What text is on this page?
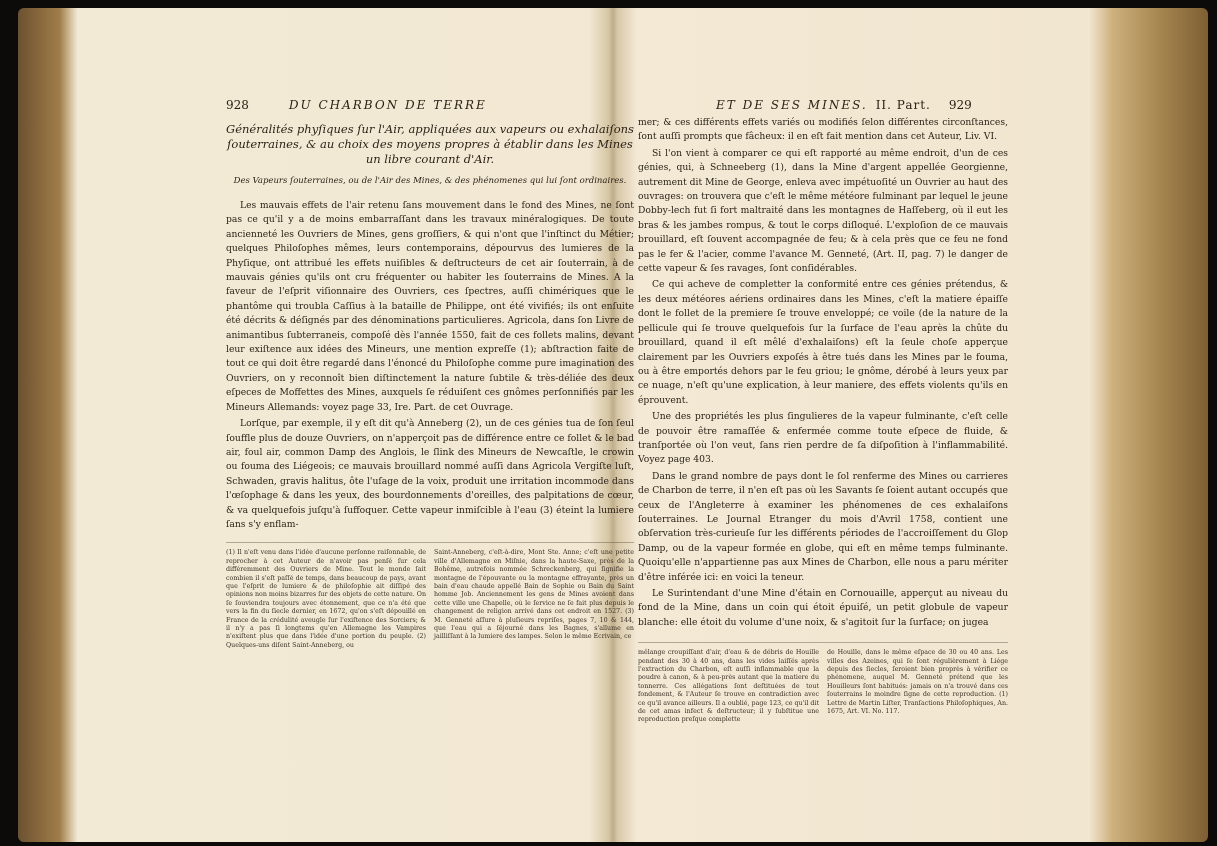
928	DU CHARBON DE TERRE
Généralités phyſiques ſur l'Air, appliquées aux vapeurs ou exhalaiſons ſouterraines, & au choix des moyens propres à établir dans les Mines un libre courant d'Air.
Des Vapeurs ſouterraines, ou de l'Air des Mines, & des phénomenes qui lui ſont ordinaires.

Les mauvais effets de l'air retenu ſans mouvement dans le fond des Mines, ne ſont pas ce qu'il y a de moins embarraſſant dans les travaux minéralogiques. De toute ancienneté les Ouvriers de Mines, gens groſſiers, & qui n'ont que l'inſtinct du Métier; quelques Philoſophes mêmes, leurs contemporains, dépourvus des lumieres de la Phyſique, ont attribué les effets nuiſibles & deſtructeurs de cet air ſouterrain, à de mauvais génies qu'ils ont cru fréquenter ou habiter les ſouterrains de Mines. A la faveur de l'eſprit viſionnaire des Ouvriers, ces ſpectres, auſſi chimériques que le phantôme qui troubla Caſſius à la bataille de Philippe, ont été vivifiés; ils ont enſuite été décrits & déſignés par des dénominations particulieres. Agricola, dans ſon Livre de animantibus ſubterraneis, compoſé dès l'année 1550, fait de ces follets malins, devant leur exiſtence aux idées des Mineurs, une mention expreſſe (1); abſtraction faite de tout ce qui doit être regardé dans l'énoncé du Philoſophe comme pure imagination des Ouvriers, on y reconnoît bien diſtinctement la nature ſubtile & très-déliée des deux eſpeces de Moffettes des Mines, auxquels ſe réduiſent ces gnômes perſonnifiés par les Mineurs Allemands: voyez page 33, Ire. Part. de cet Ouvrage.

Lorſque, par exemple, il y eſt dit qu'à Anneberg (2), un de ces génies tua de ſon ſeul ſouffle plus de douze Ouvriers, on n'apperçoit pas de différence entre ce follet & le bad air, foul air, common Damp des Anglois, le ſlink des Mineurs de Newcaſtle, le crowin ou fouma des Liégeois; ce mauvais brouillard nommé auſſi dans Agricola Vergiſte luſt, Schwaden, gravis halitus, ôte l'uſage de la voix, produit une irritation incommode dans l'œſophage & dans les yeux, des bourdonnements d'oreilles, des palpitations de cœur, & va quelquefois juſqu'à ſuffoquer. Cette vapeur inmiſcible à l'eau (3) éteint la lumiere ſans s'y enflam-

(1) Il n'eſt venu dans l'idée d'aucune perſonne raiſonnable, de reprocher à cet Auteur de n'avoir pas penſé ſur cela différemment des Ouvriers de Mine. Tout le monde ſait combien il s'eſt paſſé de temps, dans beaucoup de pays, avant que l'eſprit de lumiere & de philoſophie ait diſſipé des opinions non moins bizarres ſur des objets de cette nature. On ſe ſouviendra toujours avec étonnement, que ce n'a été que vers la fin du ſiecle dernier, en 1672, qu'on s'eſt dépouillé en France de la crédulité aveugle ſur l'exiſtence des Sorciers; & il n'y a pas ſi longtems qu'en Allemagne les Vampires n'exiſtent plus que dans l'idée d'une portion du peuple. (2) Quelques-uns diſent Saint-Anneberg, ou

Saint-Anneberg, c'eſt-à-dire, Mont Ste. Anne; c'eſt une petite ville d'Allemagne en Miſnie, dans la haute-Saxe, près de la Bohême, autrefois nommée Schreckenberg, qui ſignifie la montagne de l'épouvante ou la montagne effrayante, près un bain d'eau chaude appellé Bain de Sophie ou Bain du Saint homme Job. Anciennement les gens de Mines avoient dans cette ville une Chapelle, où le ſervice ne ſe fait plus depuis le changement de religion arrivé dans cet endroit en 1527. (3) M. Genneté aſſure à pluſieurs repriſes, pages 7, 10 & 144, que l'eau qui a ſéjourné dans les Bagnes, s'allume en jailliſſant à la lumiere des lampes. Selon le même Ecrivain, ce

ET DE SES MINES. II. Part. 929

mer; & ces différents effets variés ou modifiés ſelon différentes circonſtances, ſont auſſi prompts que fâcheux: il en eſt fait mention dans cet Auteur, Liv. VI.

Si l'on vient à comparer ce qui eſt rapporté au même endroit, d'un de ces génies, qui, à Schneeberg (1), dans la Mine d'argent appellée Georgienne, autrement dit Mine de George, enleva avec impétuoſité un Ouvrier au haut des ouvrages: on trouvera que c'eſt le même météore fulminant par lequel le jeune Dobby-lech fut ſi fort maltraité dans les montagnes de Haſſeberg, où il eut les bras & les jambes rompus, & tout le corps diſloqué. L'exploſion de ce mauvais brouillard, eſt ſouvent accompagnée de feu; & à cela près que ce feu ne fond pas le fer & l'acier, comme l'avance M. Genneté, (Art. II, pag. 7) le danger de cette vapeur & ſes ravages, ſont conſidérables.

Ce qui acheve de completter la conformité entre ces génies prétendus, & les deux météores aériens ordinaires dans les Mines, c'eſt la matiere épaiſſe dont le follet de la premiere ſe trouve enveloppé; ce voile (de la nature de la pellicule qui ſe trouve quelquefois ſur la ſurface de l'eau après la chûte du brouillard, quand il eſt mêlé d'exhalaiſons) eſt la ſeule choſe apperçue clairement par les Ouvriers expoſés à être tués dans les Mines par le fouma, ou à être emportés dehors par le feu griou; le gnôme, dérobé à leurs yeux par ce nuage, n'eſt qu'une explication, à leur maniere, des effets violents qu'ils en éprouvent.

Une des propriétés les plus ſingulieres de la vapeur fulminante, c'eſt celle de pouvoir être ramaſſée & enfermée comme toute eſpece de fluide, & tranſportée où l'on veut, ſans rien perdre de ſa diſpoſition à l'inflammabilité. Voyez page 403.

Dans le grand nombre de pays dont le ſol renferme des Mines ou carrieres de Charbon de terre, il n'en eſt pas où les Savants ſe ſoient autant occupés que ceux de l'Angleterre à examiner les phénomenes de ces exhalaiſons ſouterraines. Le Journal Etranger du mois d'Avril 1758, contient une obſervation très-curieuſe ſur les différents périodes de l'accroiſſement du Glop Damp, ou de la vapeur formée en globe, qui eſt en même temps fulminante. Quoiqu'elle n'appartienne pas aux Mines de Charbon, elle nous a paru mériter d'être inférée ici: en voici la teneur.

Le Surintendant d'une Mine d'étain en Cornouaille, apperçut au niveau du fond de la Mine, dans un coin qui étoit épuiſé, un petit globule de vapeur blanche: elle étoit du volume d'une noix, & s'agitoit ſur la ſurface; on jugea

mêlange croupiſſant d'air, d'eau & de débris de Houille pendant des 30 à 40 ans, dans les vides laiſſés après l'extraction du Charbon, eſt auſſi inflammable que la poudre à canon, & à peu-près autant que la matiere du tonnerre. Ces allégations ſont deſtituées de tout fondement, & l'Auteur ſe trouve en contradiction avec ce qu'il avance ailleurs. Il a oublié, page 123, ce qu'il dit de cet amas infect & deſtructeur; il y ſubſtitue une reproduction preſque complette

de Houille, dans le même eſpace de 30 ou 40 ans. Les villes des Azeines, qui ſe ſont régulièrement à Liége depuis des ſiecles, ſeroient bien proprès à vérifier ce phénomene, auquel M. Genneté prétend que les Houilleurs ſont habitués: jamais on n'a trouvé dans ces ſouterrains le moindre ſigne de cette reproduction. (1) Lettre de Martin Liſter, Tranſactions Philoſophiques, An. 1675, Art. VI. No. 117.
